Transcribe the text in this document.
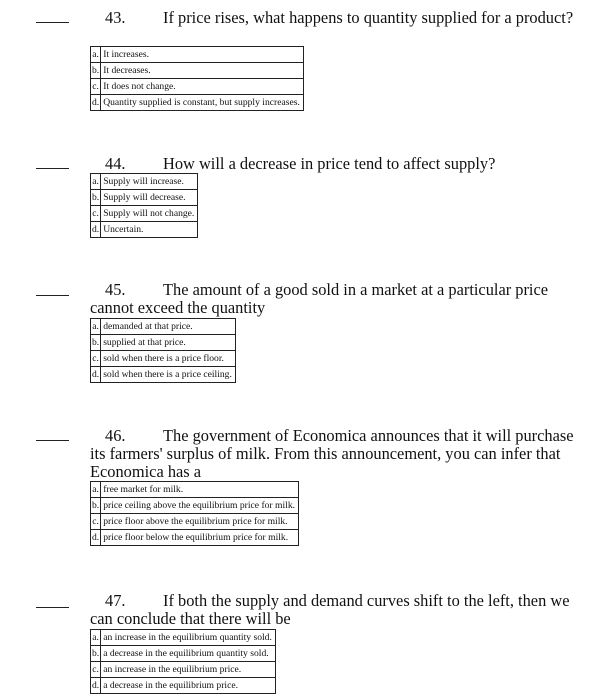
43. If price rises, what happens to quantity supplied for a product?
a.	It increases.
b.	It decreases.
c.	It does not change.
d.	Quantity supplied is constant, but supply increases.
44. How will a decrease in price tend to affect supply?
a.	Supply will increase.
b.	Supply will decrease.
c.	Supply will not change.
d.	Uncertain.
45. The amount of a good sold in a market at a particular price cannot exceed the quantity
a.	demanded at that price.
b.	supplied at that price.
c.	sold when there is a price floor.
d.	sold when there is a price ceiling.
46. The government of Economica announces that it will purchase its farmers' surplus of milk. From this announcement, you can infer that Economica has a
a.	free market for milk.
b.	price ceiling above the equilibrium price for milk.
c.	price floor above the equilibrium price for milk.
d.	price floor below the equilibrium price for milk.
47. If both the supply and demand curves shift to the left, then we can conclude that there will be
a.	an increase in the equilibrium quantity sold.
b.	a decrease in the equilibrium quantity sold.
c.	an increase in the equilibrium price.
d.	a decrease in the equilibrium price.
